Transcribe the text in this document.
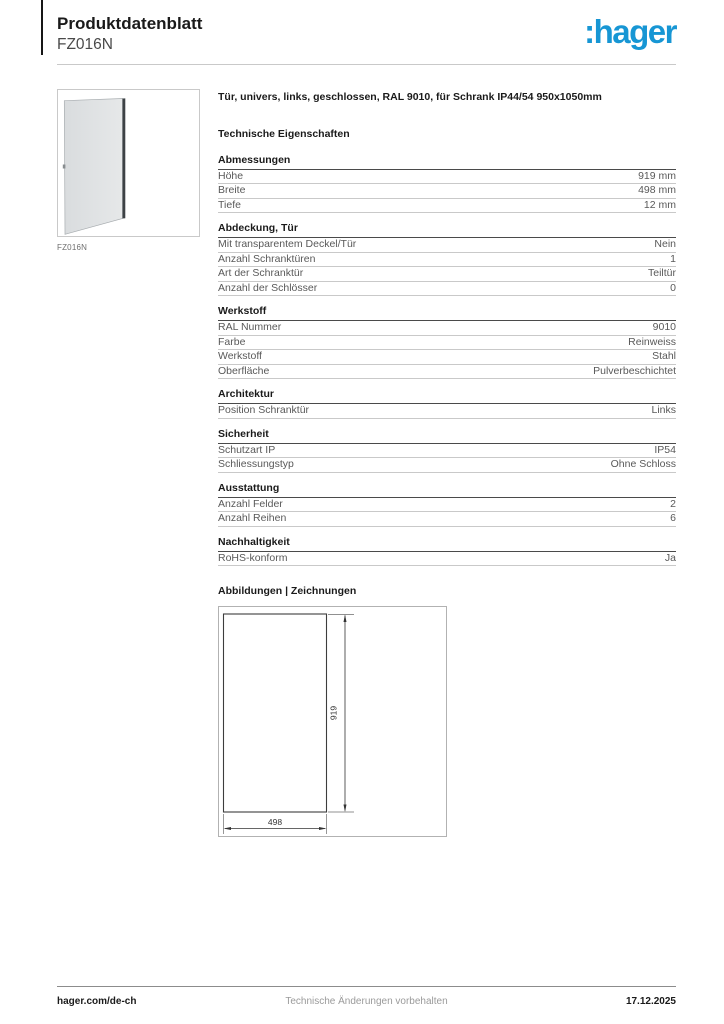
Produktdatenblatt
FZ016N	:hager
FZ016N

Tür, univers, links, geschlossen, RAL 9010, für Schrank IP44/54 950x1050mm

Technische Eigenschaften
Abmessungen
Höhe	919 mm
Breite	498 mm
Tiefe	12 mm
Abdeckung, Tür
Mit transparentem Deckel/Tür	Nein
Anzahl Schranktüren	1
Art der Schranktür	Teiltür
Anzahl der Schlösser	0
Werkstoff
RAL Nummer	9010
Farbe	Reinweiss
Werkstoff	Stahl
Oberfläche	Pulverbeschichtet
Architektur
Position Schranktür	Links
Sicherheit
Schutzart IP	IP54
Schliessungstyp	Ohne Schloss
Ausstattung
Anzahl Felder	2
Anzahl Reihen	6
Nachhaltigkeit
RoHS-konform	Ja
Abbildungen | Zeichnungen
919
498
hager.com/de-ch	Technische Änderungen vorbehalten	17.12.2025
